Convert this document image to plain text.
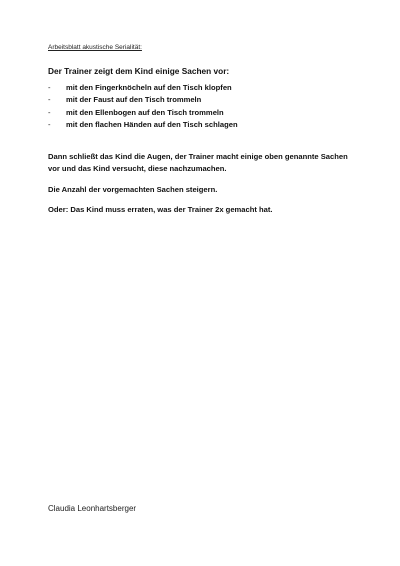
Arbeitsblatt akustische Serialität:
Der Trainer zeigt dem Kind einige Sachen vor:
- mit den Fingerknöcheln auf den Tisch klopfen
- mit der Faust auf den Tisch trommeln
- mit den Ellenbogen auf den Tisch trommeln
- mit den flachen Händen auf den Tisch schlagen
Dann schließt das Kind die Augen, der Trainer macht einige oben genannte Sachen vor und das Kind versucht, diese nachzumachen.
Die Anzahl der vorgemachten Sachen steigern.
Oder: Das Kind muss erraten, was der Trainer 2x gemacht hat.
Claudia Leonhartsberger
